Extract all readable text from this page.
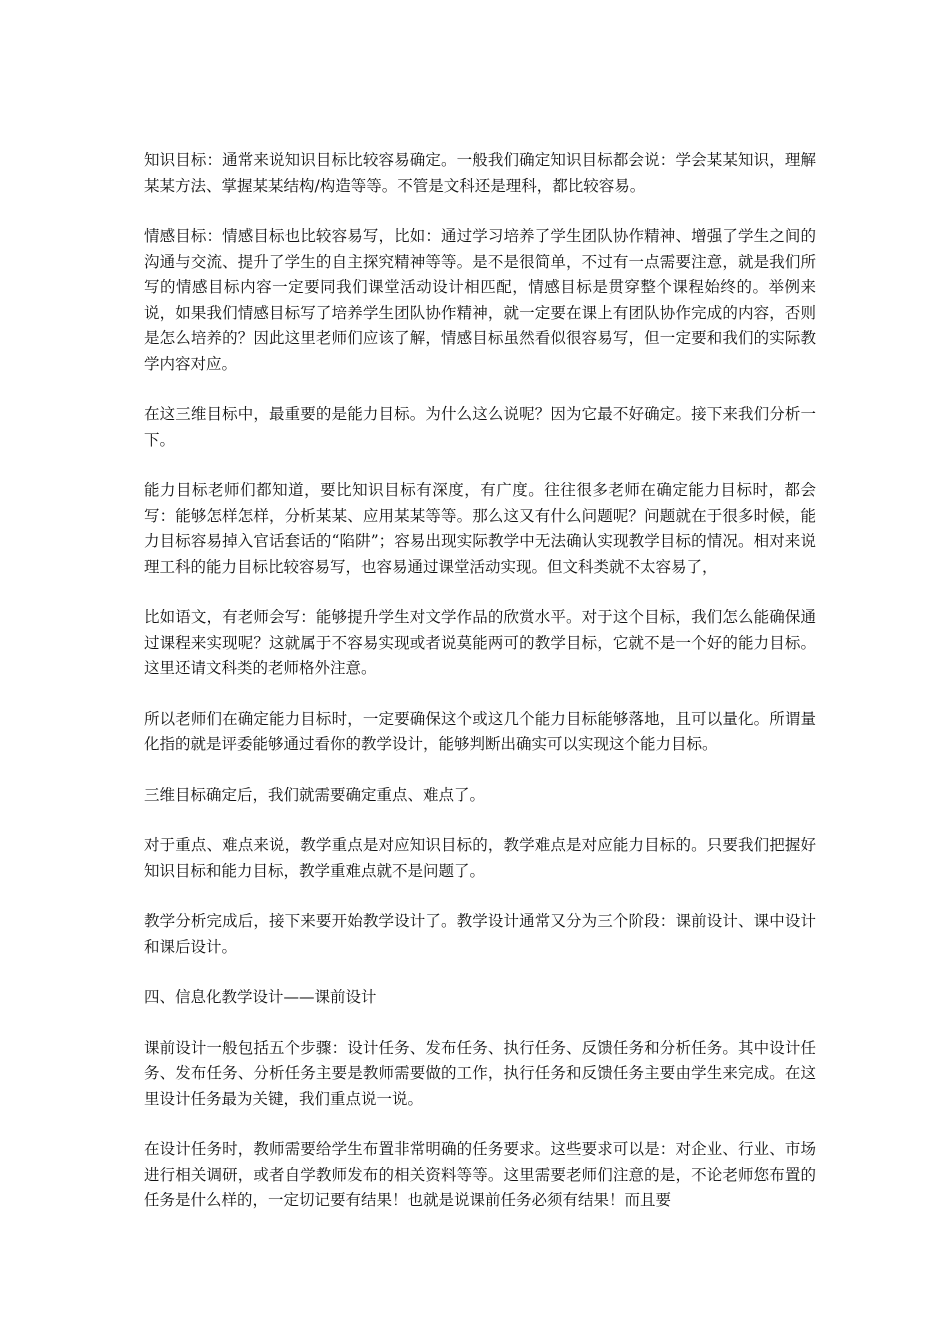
知识目标：通常来说知识目标比较容易确定。一般我们确定知识目标都会说：学会某某知识，理解某某方法、掌握某某结构/构造等等。不管是文科还是理科，都比较容易。

情感目标：情感目标也比较容易写，比如：通过学习培养了学生团队协作精神、增强了学生之间的沟通与交流、提升了学生的自主探究精神等等。是不是很简单，不过有一点需要注意，就是我们所写的情感目标内容一定要同我们课堂活动设计相匹配，情感目标是贯穿整个课程始终的。举例来说，如果我们情感目标写了培养学生团队协作精神，就一定要在课上有团队协作完成的内容，否则是怎么培养的？因此这里老师们应该了解，情感目标虽然看似很容易写，但一定要和我们的实际教学内容对应。

在这三维目标中，最重要的是能力目标。为什么这么说呢？因为它最不好确定。接下来我们分析一下。

能力目标老师们都知道，要比知识目标有深度，有广度。往往很多老师在确定能力目标时，都会写：能够怎样怎样，分析某某、应用某某等等。那么这又有什么问题呢？问题就在于很多时候，能力目标容易掉入官话套话的“陷阱”；容易出现实际教学中无法确认实现教学目标的情况。相对来说理工科的能力目标比较容易写，也容易通过课堂活动实现。但文科类就不太容易了，

比如语文，有老师会写：能够提升学生对文学作品的欣赏水平。对于这个目标，我们怎么能确保通过课程来实现呢？这就属于不容易实现或者说莫能两可的教学目标，它就不是一个好的能力目标。这里还请文科类的老师格外注意。

所以老师们在确定能力目标时，一定要确保这个或这几个能力目标能够落地，且可以量化。所谓量化指的就是评委能够通过看你的教学设计，能够判断出确实可以实现这个能力目标。

三维目标确定后，我们就需要确定重点、难点了。

对于重点、难点来说，教学重点是对应知识目标的，教学难点是对应能力目标的。只要我们把握好知识目标和能力目标，教学重难点就不是问题了。

教学分析完成后，接下来要开始教学设计了。教学设计通常又分为三个阶段：课前设计、课中设计和课后设计。

四、信息化教学设计——课前设计

课前设计一般包括五个步骤：设计任务、发布任务、执行任务、反馈任务和分析任务。其中设计任务、发布任务、分析任务主要是教师需要做的工作，执行任务和反馈任务主要由学生来完成。在这里设计任务最为关键，我们重点说一说。

在设计任务时，教师需要给学生布置非常明确的任务要求。这些要求可以是：对企业、行业、市场进行相关调研，或者自学教师发布的相关资料等等。这里需要老师们注意的是，不论老师您布置的任务是什么样的，一定切记要有结果！也就是说课前任务必须有结果！而且要
